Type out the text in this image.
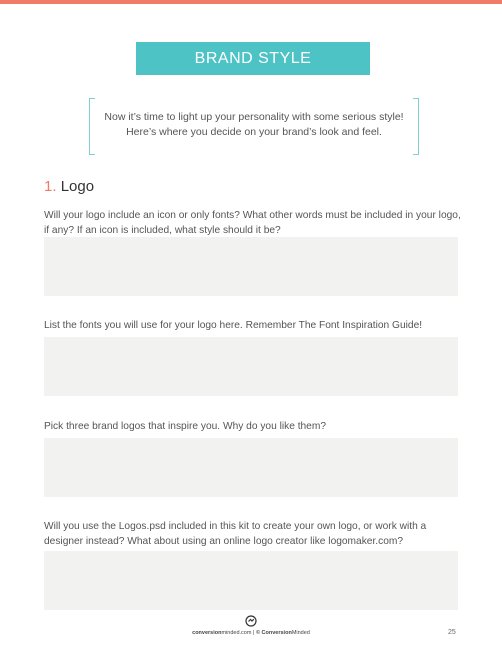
BRAND STYLE
Now it’s time to light up your personality with some serious style! Here’s where you decide on your brand’s look and feel.
1. Logo
Will your logo include an icon or only fonts? What other words must be included in your logo, if any? If an icon is included, what style should it be?
List the fonts you will use for your logo here. Remember The Font Inspiration Guide!
Pick three brand logos that inspire you. Why do you like them?
Will you use the Logos.psd included in this kit to create your own logo, or work with a designer instead? What about using an online logo creator like logomaker.com?
conversionminded.com | © ConversionMinded	25
